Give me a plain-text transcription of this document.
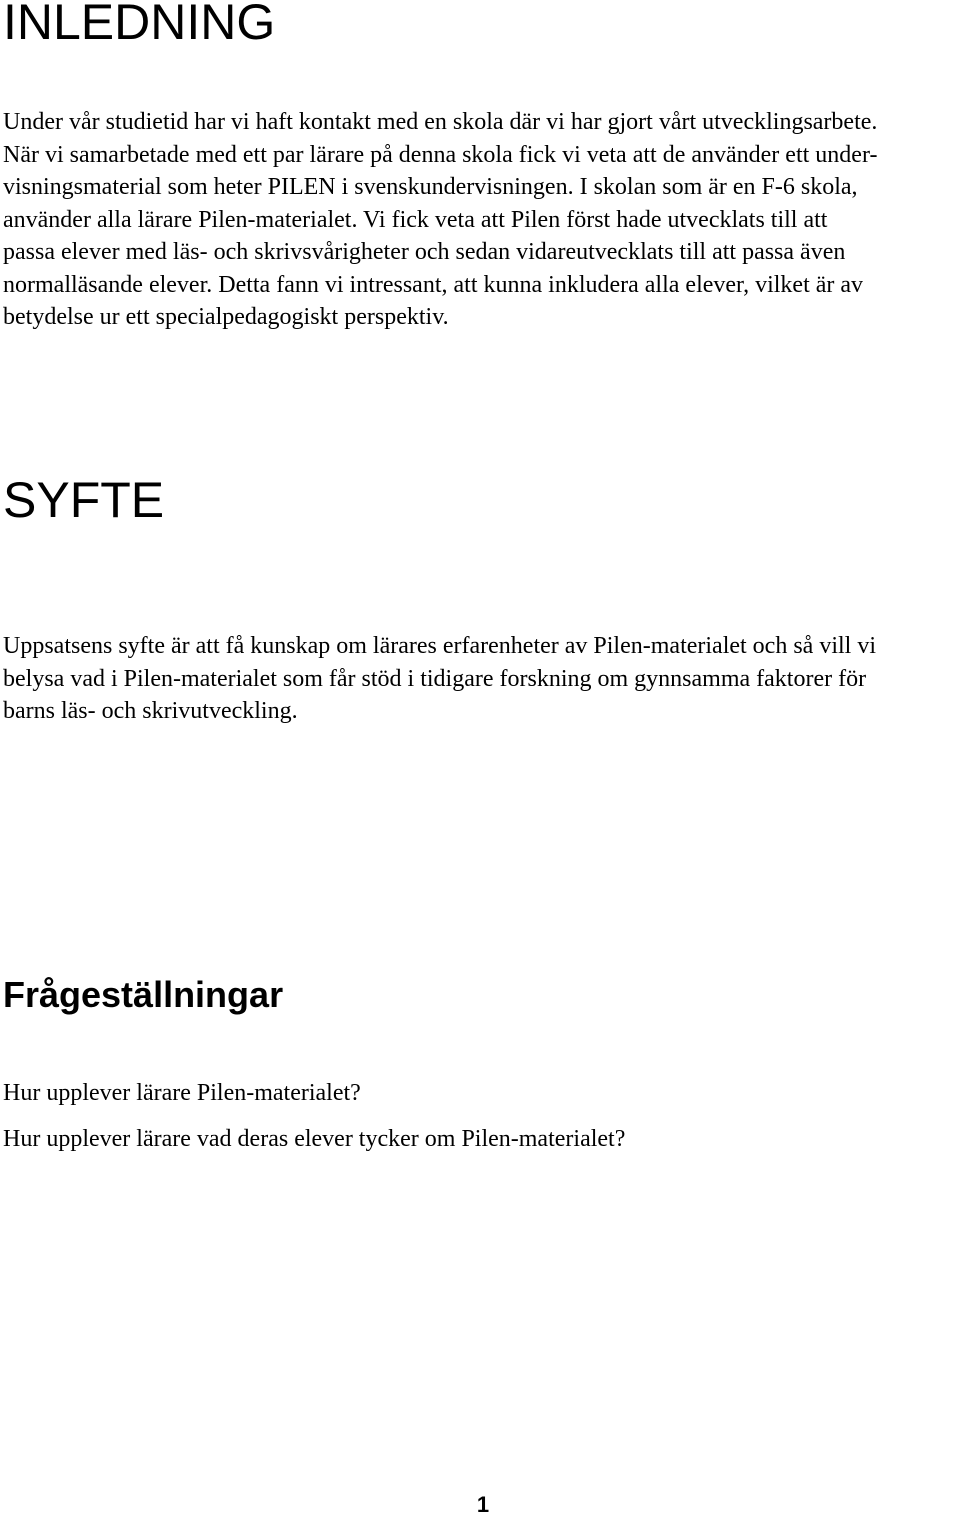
INLEDNING
Under vår studietid har vi haft kontakt med en skola där vi har gjort vårt utvecklingsarbete.
När vi samarbetade med ett par lärare på denna skola fick vi veta att de använder ett under-
visningsmaterial som heter PILEN i svenskundervisningen. I skolan som är en F-6 skola,
använder alla lärare Pilen-materialet. Vi fick veta att Pilen först hade utvecklats till att
passa elever med läs- och skrivsvårigheter och sedan vidareutvecklats till att passa även
normalläsande elever. Detta fann vi intressant, att kunna inkludera alla elever, vilket är av
betydelse ur ett specialpedagogiskt perspektiv.
SYFTE
Uppsatsens syfte är att få kunskap om lärares erfarenheter av Pilen-materialet och så vill vi
belysa vad i Pilen-materialet som får stöd i tidigare forskning om gynnsamma faktorer för
barns läs- och skrivutveckling.
Frågeställningar

Hur upplever lärare Pilen-materialet?

Hur upplever lärare vad deras elever tycker om Pilen-materialet?

1
